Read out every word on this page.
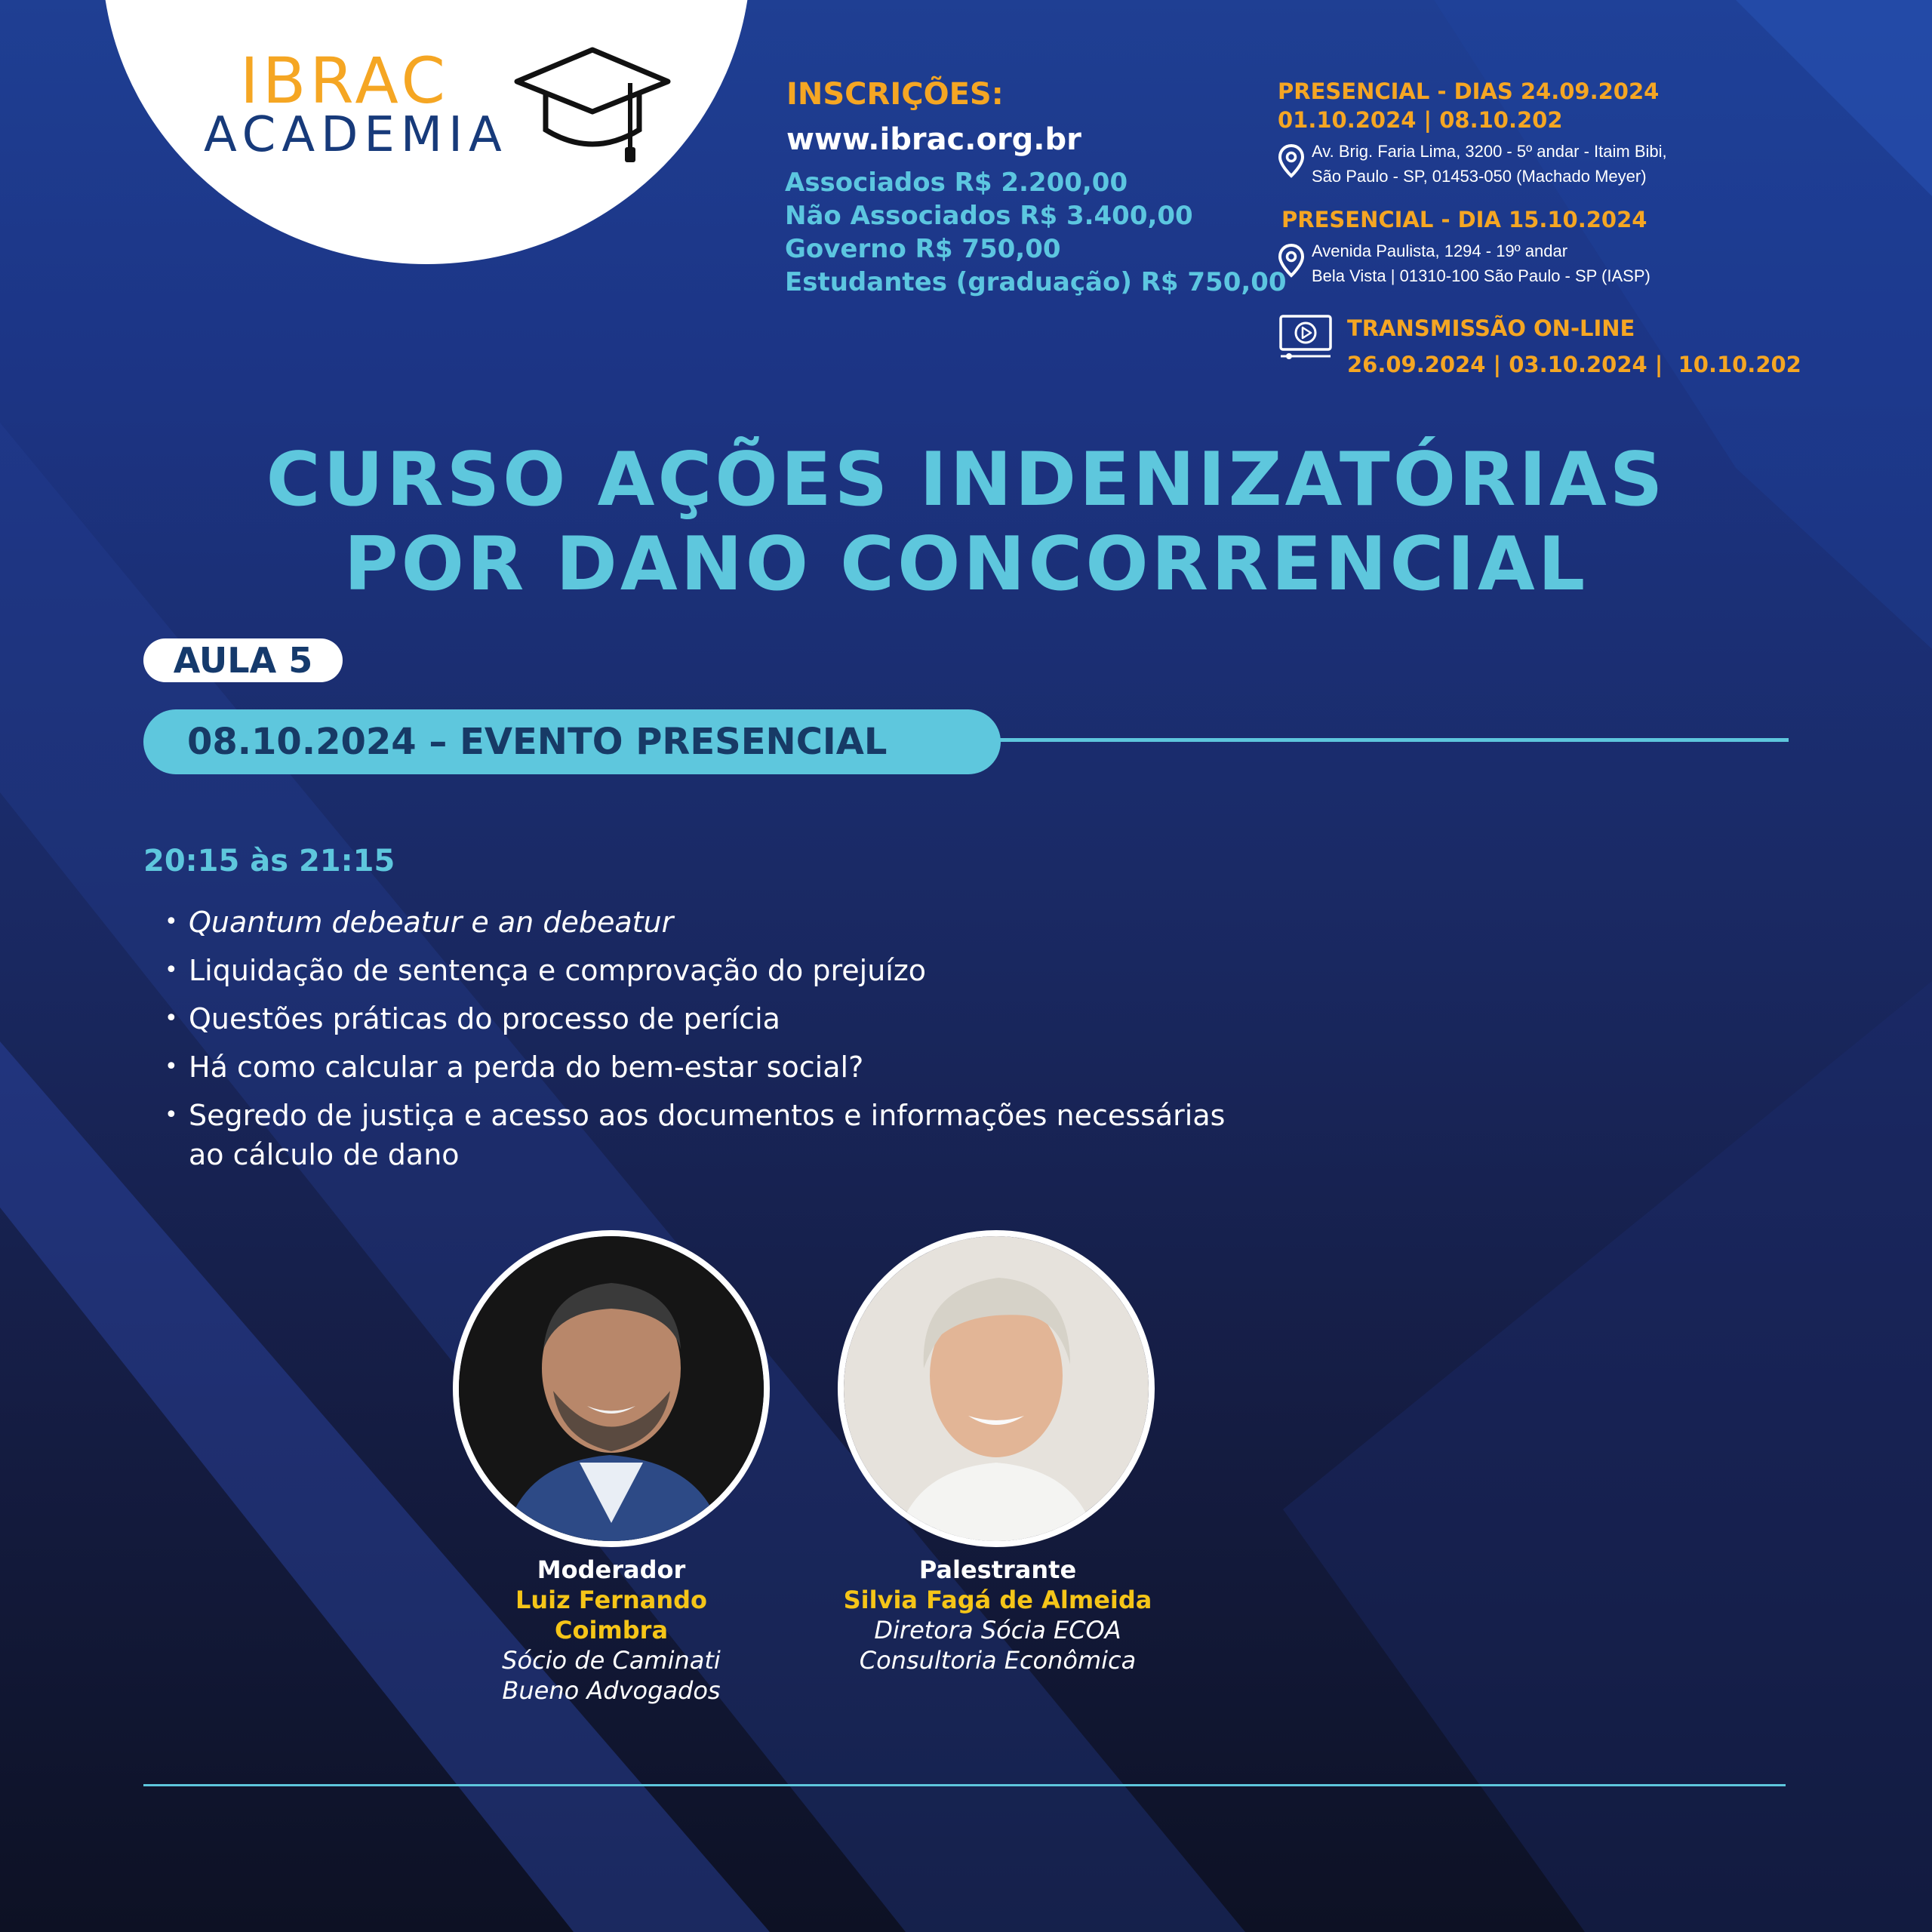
IBRAC
ACADEMIA
INSCRIÇÕES:
www.ibrac.org.br
Associados R$ 2.200,00
Não Associados R$ 3.400,00
Governo R$ 750,00
Estudantes (graduação) R$ 750,00
PRESENCIAL - DIAS 24.09.2024
01.10.2024 | 08.10.202
Av. Brig. Faria Lima, 3200 - 5º andar - Itaim Bibi,
São Paulo - SP, 01453-050 (Machado Meyer)
PRESENCIAL - DIA 15.10.2024
Avenida Paulista, 1294 - 19º andar
Bela Vista | 01310-100 São Paulo - SP (IASP)
TRANSMISSÃO ON-LINE
26.09.2024 | 03.10.2024 |  10.10.202
CURSO AÇÕES INDENIZATÓRIAS
POR DANO CONCORRENCIAL
AULA 5
08.10.2024 – EVENTO PRESENCIAL
20:15 às 21:15
• Quantum debeatur e an debeatur
• Liquidação de sentença e comprovação do prejuízo
• Questões práticas do processo de perícia
• Há como calcular a perda do bem-estar social?
• Segredo de justiça e acesso aos documentos e informações necessárias ao cálculo de dano
Moderador
Luiz Fernando
Coimbra
Sócio de Caminati
Bueno Advogados
Palestrante
Silvia Fagá de Almeida
Diretora Sócia ECOA
Consultoria Econômica
